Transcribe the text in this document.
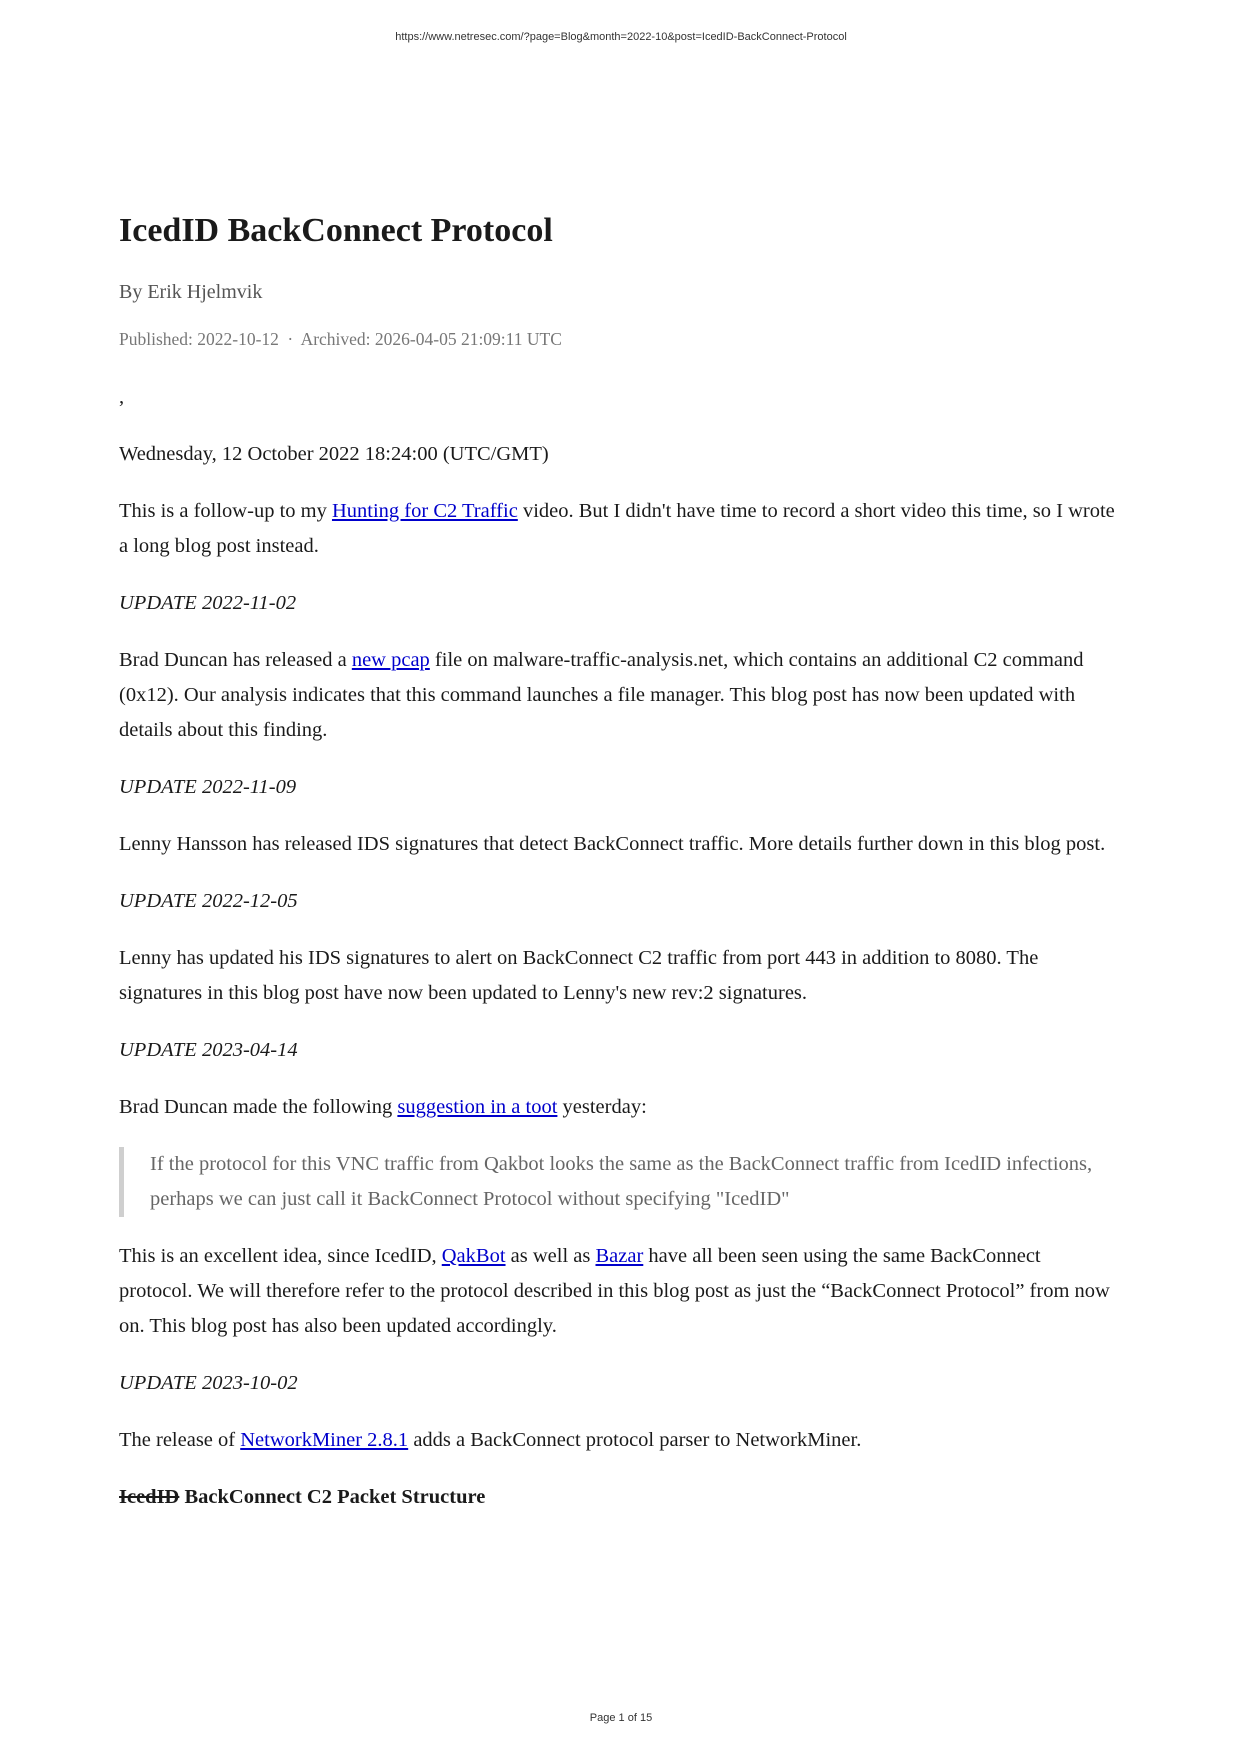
https://www.netresec.com/?page=Blog&month=2022-10&post=IcedID-BackConnect-Protocol
IcedID BackConnect Protocol
By Erik Hjelmvik
Published: 2022-10-12 · Archived: 2026-04-05 21:09:11 UTC

,

Wednesday, 12 October 2022 18:24:00 (UTC/GMT)

This is a follow-up to my Hunting for C2 Traffic video. But I didn't have time to record a short video this time, so I wrote a long blog post instead.

UPDATE 2022-11-02

Brad Duncan has released a new pcap file on malware-traffic-analysis.net, which contains an additional C2 command (0x12). Our analysis indicates that this command launches a file manager. This blog post has now been updated with details about this finding.

UPDATE 2022-11-09

Lenny Hansson has released IDS signatures that detect BackConnect traffic. More details further down in this blog post.

UPDATE 2022-12-05

Lenny has updated his IDS signatures to alert on BackConnect C2 traffic from port 443 in addition to 8080. The signatures in this blog post have now been updated to Lenny's new rev:2 signatures.

UPDATE 2023-04-14

Brad Duncan made the following suggestion in a toot yesterday:

If the protocol for this VNC traffic from Qakbot looks the same as the BackConnect traffic from IcedID infections, perhaps we can just call it BackConnect Protocol without specifying "IcedID"

This is an excellent idea, since IcedID, QakBot as well as Bazar have all been seen using the same BackConnect protocol. We will therefore refer to the protocol described in this blog post as just the “BackConnect Protocol” from now on. This blog post has also been updated accordingly.

UPDATE 2023-10-02

The release of NetworkMiner 2.8.1 adds a BackConnect protocol parser to NetworkMiner.

IcedID BackConnect C2 Packet Structure
Page 1 of 15
